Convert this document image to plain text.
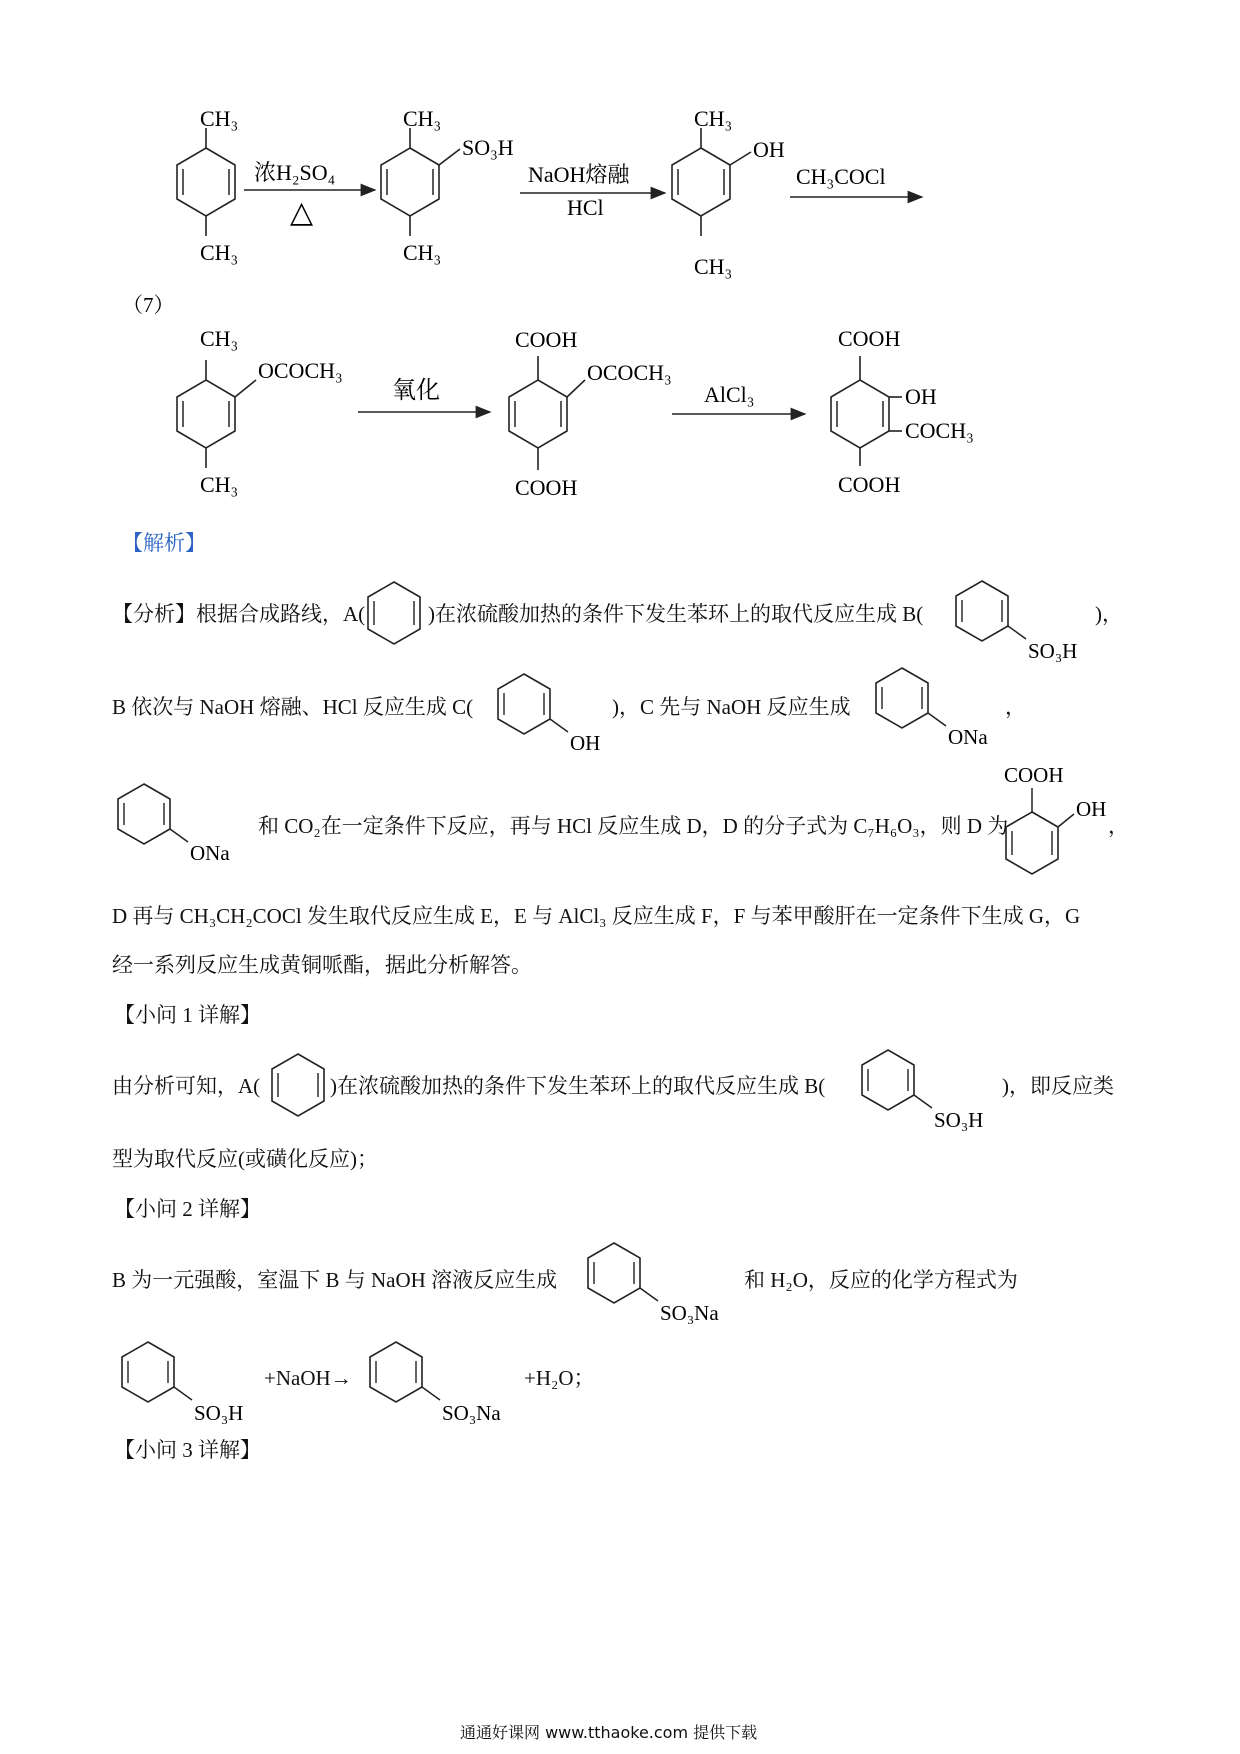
CH₃
CH₃
浓H₂SO₄
△
CH₃
SO₃H
CH₃
NaOH熔融
HCl
CH₃
OH
CH₃
CH₃COCl
（7）
CH₃
OCOCH₃
CH₃
氧化
COOH
OCOCH₃
COOH
AlCl₃
COOH
OH
COCH₃
COOH
【解析】
【分析】根据合成路线，A(	)在浓硫酸加热的条件下发生苯环上的取代反应生成 B(
SO₃H
)，
B 依次与 NaOH 熔融、HCl 反应生成 C(
OH
)，C 先与 NaOH 反应生成
ONa
，
ONa
和 CO₂在一定条件下反应，再与 HCl 反应生成 D，D 的分子式为 C₇H₆O₃，则 D 为
COOH
OH
，
D 再与 CH₃CH₂COCl 发生取代反应生成 E，E 与 AlCl₃ 反应生成 F，F 与苯甲酸肝在一定条件下生成 G，G
经一系列反应生成黄铜哌酯，据此分析解答。
【小问 1 详解】
由分析可知，A(	)在浓硫酸加热的条件下发生苯环上的取代反应生成 B(
SO₃H
)，即反应类
型为取代反应(或磺化反应)；
【小问 2 详解】
B 为一元强酸，室温下 B 与 NaOH 溶液反应生成
SO₃Na
和 H₂O，反应的化学方程式为
SO₃H
+NaOH→
SO₃Na
+H₂O；
【小问 3 详解】
通通好课网 www.tthaoke.com 提供下载
